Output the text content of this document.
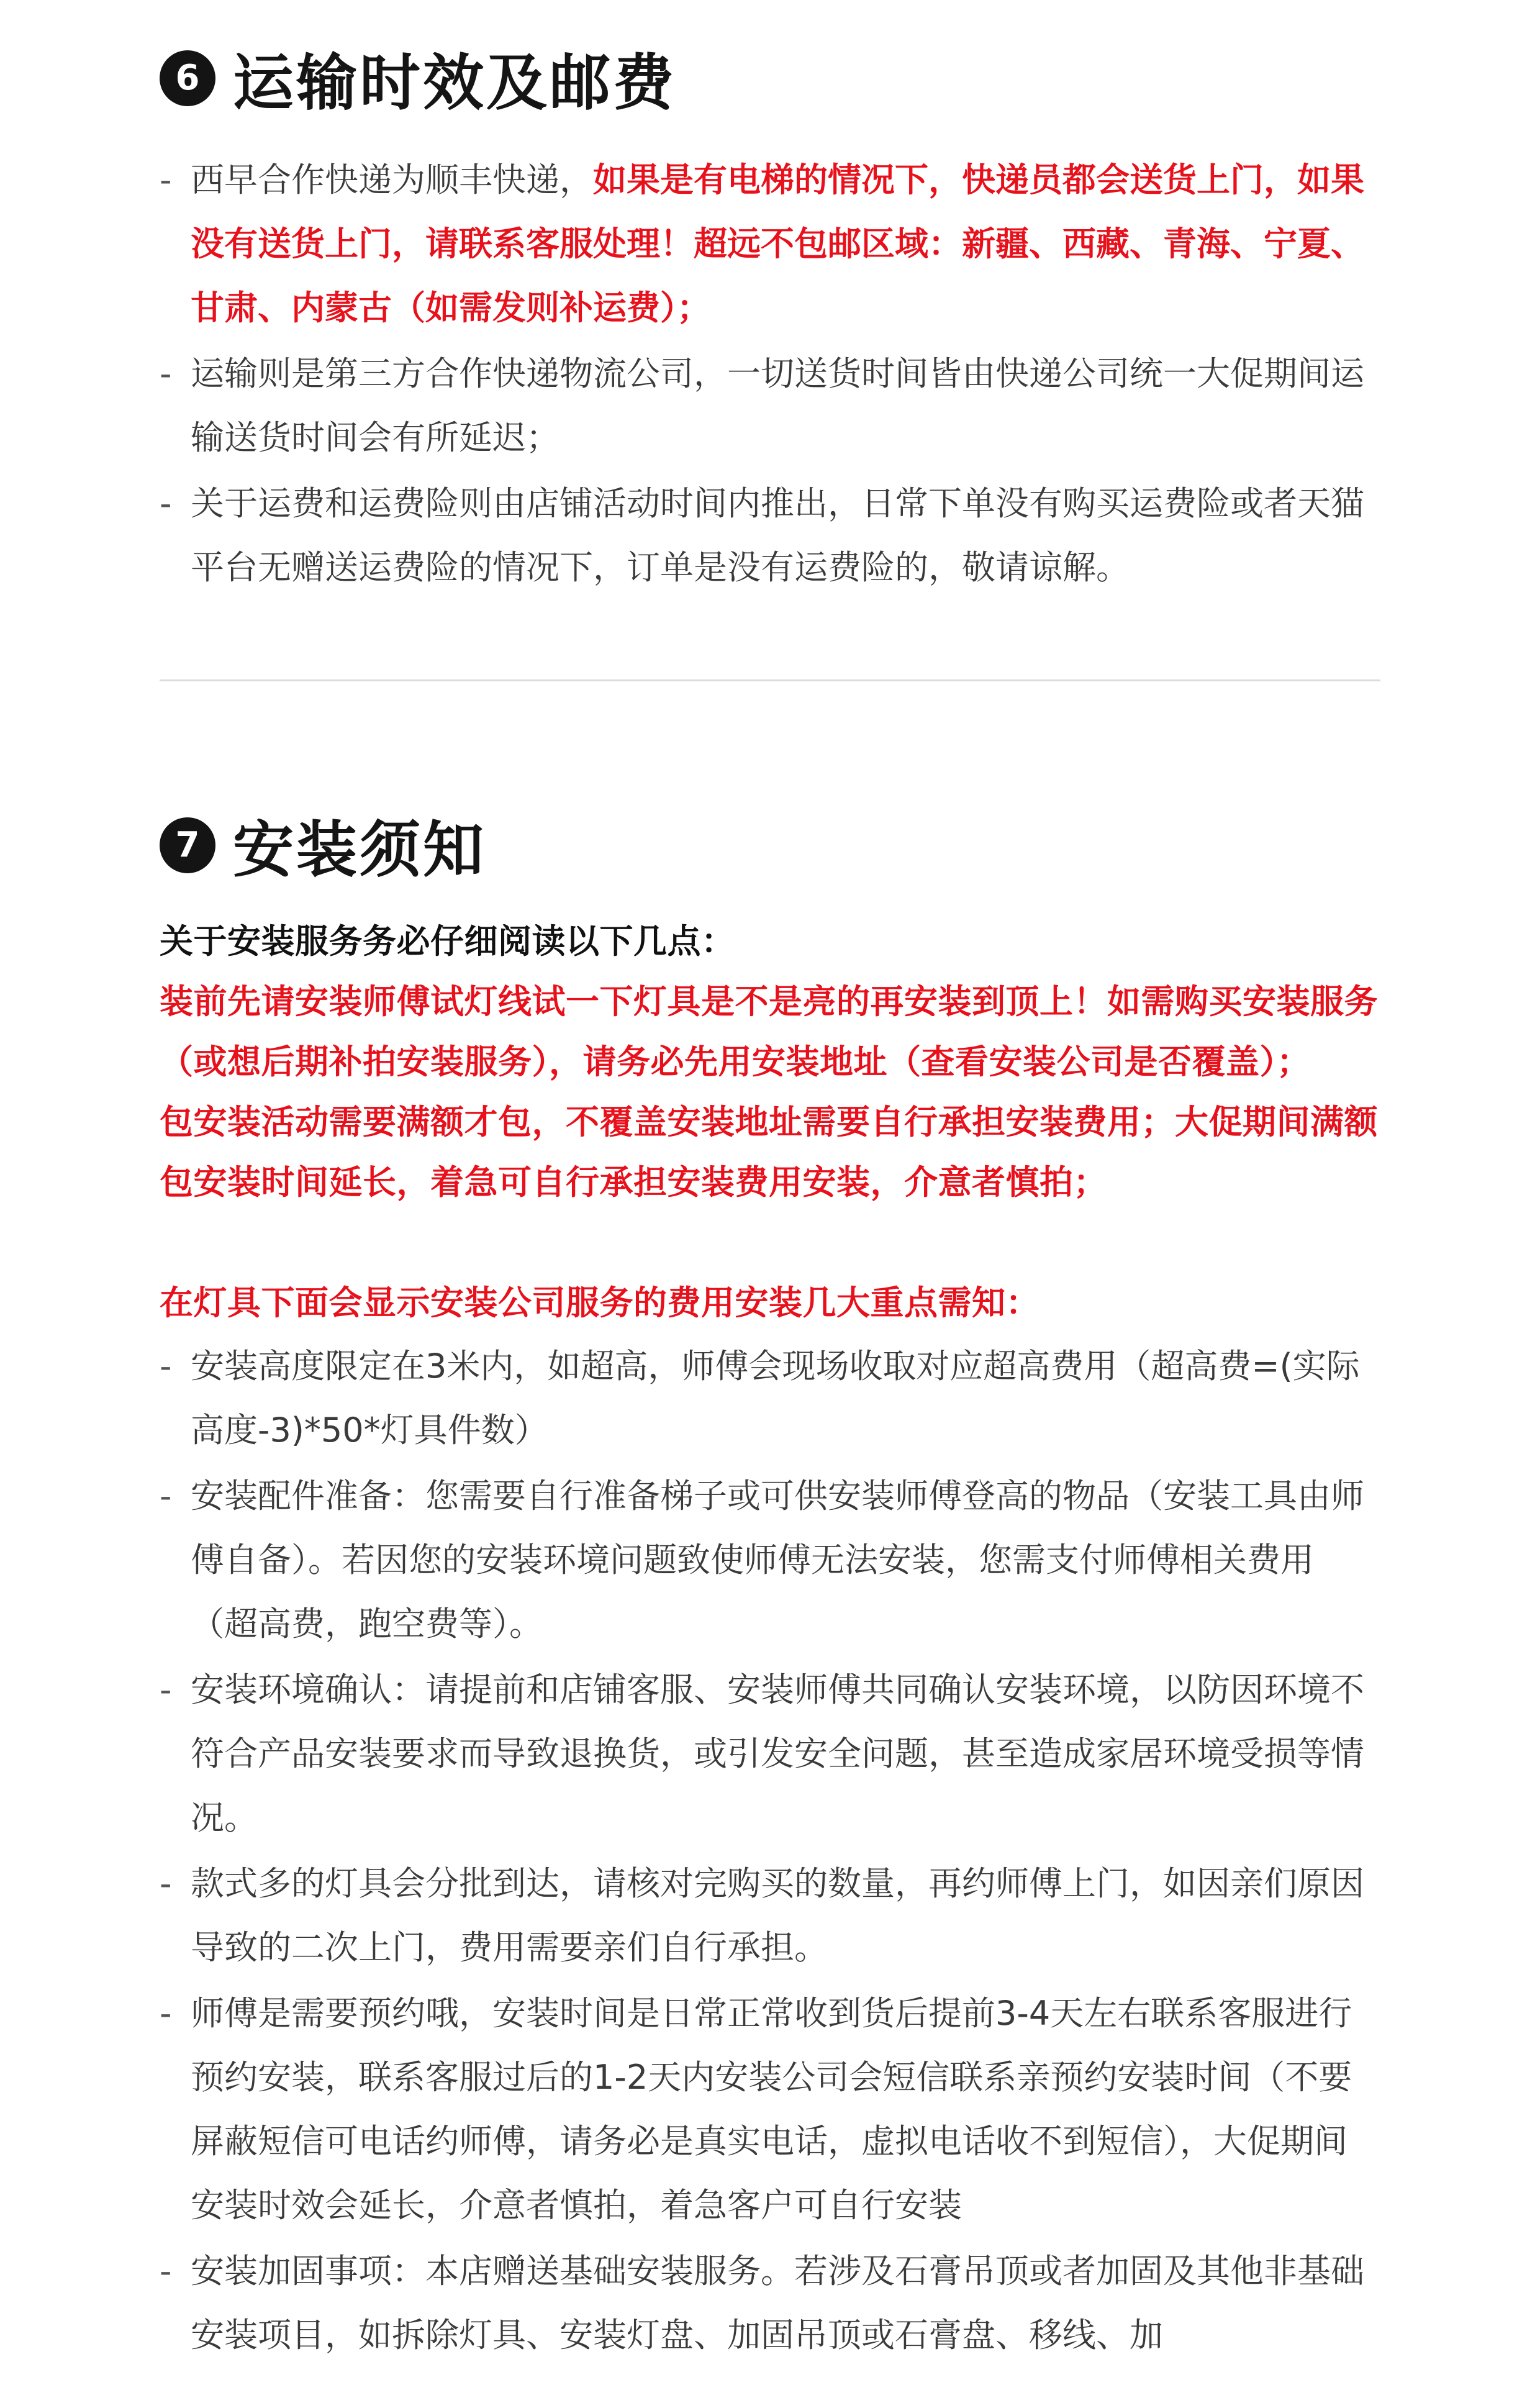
6 运输时效及邮费
- 西早合作快递为顺丰快递，如果是有电梯的情况下，快递员都会送货上门，如果没有送货上门，请联系客服处理！超远不包邮区域：新疆、西藏、青海、宁夏、甘肃、内蒙古（如需发则补运费）；
- 运输则是第三方合作快递物流公司，一切送货时间皆由快递公司统一大促期间运输送货时间会有所延迟；
- 关于运费和运费险则由店铺活动时间内推出，日常下单没有购买运费险或者天猫平台无赠送运费险的情况下，订单是没有运费险的，敬请谅解。
7 安装须知

关于安装服务务必仔细阅读以下几点：

装前先请安装师傅试灯线试一下灯具是不是亮的再安装到顶上！如需购买安装服务（或想后期补拍安装服务），请务必先用安装地址（查看安装公司是否覆盖）；

包安装活动需要满额才包，不覆盖安装地址需要自行承担安装费用；大促期间满额包安装时间延长，着急可自行承担安装费用安装，介意者慎拍；

在灯具下面会显示安装公司服务的费用安装几大重点需知：

- 安装高度限定在3米内，如超高，师傅会现场收取对应超高费用（超高费=(实际高度-3)*50*灯具件数）
- 安装配件准备：您需要自行准备梯子或可供安装师傅登高的物品（安装工具由师傅自备）。若因您的安装环境问题致使师傅无法安装，您需支付师傅相关费用（超高费，跑空费等）。
- 安装环境确认：请提前和店铺客服、安装师傅共同确认安装环境，以防因环境不符合产品安装要求而导致退换货，或引发安全问题，甚至造成家居环境受损等情况。
- 款式多的灯具会分批到达，请核对完购买的数量，再约师傅上门，如因亲们原因导致的二次上门，费用需要亲们自行承担。
- 师傅是需要预约哦，安装时间是日常正常收到货后提前3-4天左右联系客服进行预约安装，联系客服过后的1-2天内安装公司会短信联系亲预约安装时间（不要屏蔽短信可电话约师傅，请务必是真实电话，虚拟电话收不到短信），大促期间安装时效会延长，介意者慎拍，着急客户可自行安装
- 安装加固事项：本店赠送基础安装服务。若涉及石膏吊顶或者加固及其他非基础安装项目，如拆除灯具、安装灯盘、加固吊顶或石膏盘、移线、加
